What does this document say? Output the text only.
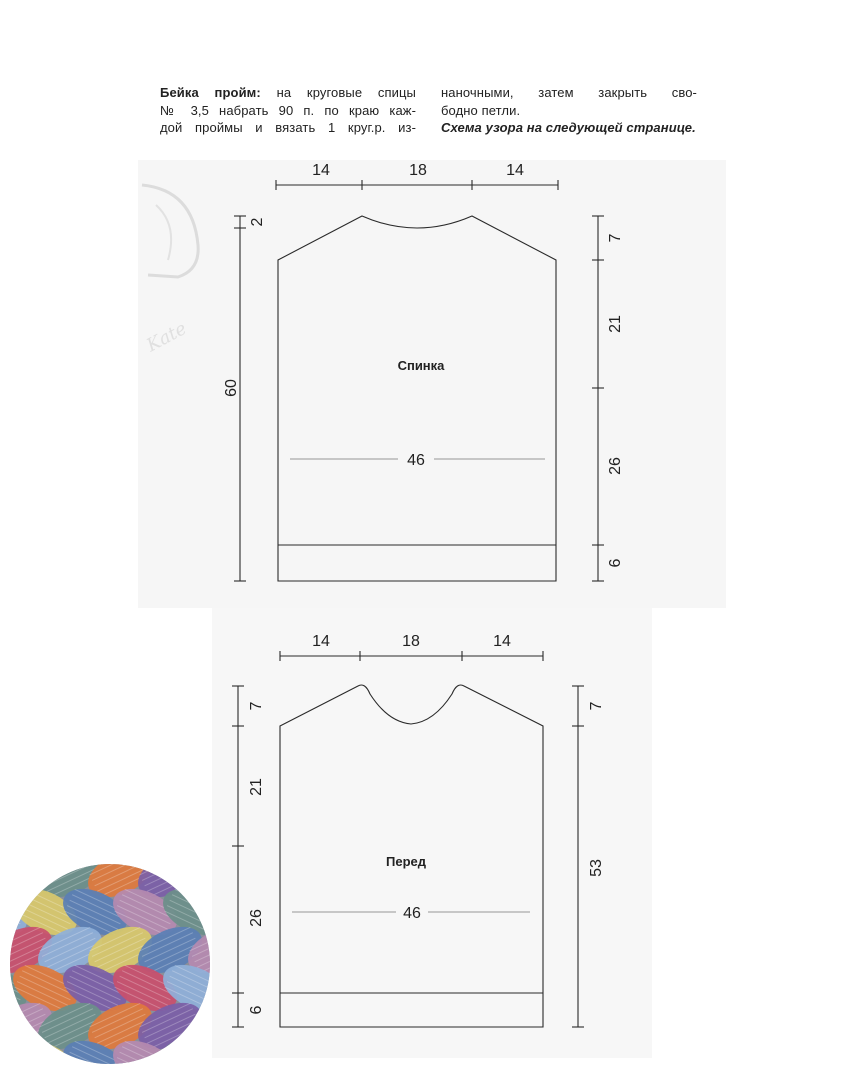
Kate
Бейка пройм: на круговые спицы
№ 3,5 набрать 90 п. по краю каж-
дой проймы и вязать 1 круг.р. из-
наночными, затем закрыть сво-
бодно петли.
Схема узора на следующей странице.
14	18	14
46
Спинка
2
60
7
21
26
6
14	18	14
46
Перед
7
21
26
6
7
53
